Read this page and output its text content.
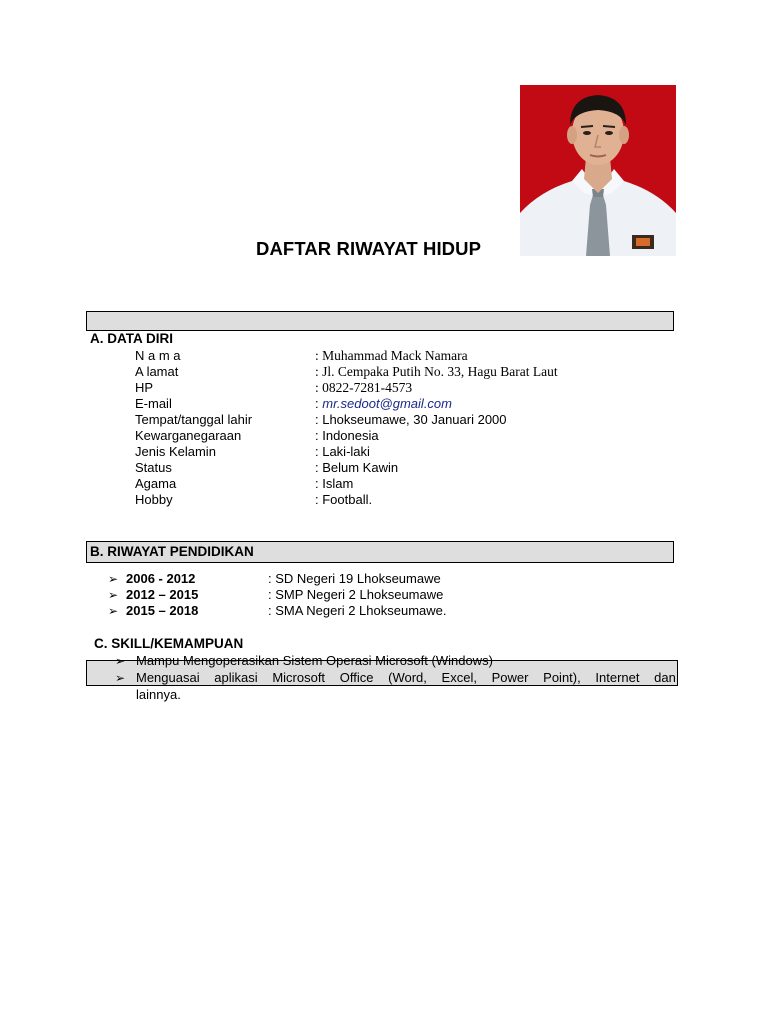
DAFTAR RIWAYAT HIDUP
A. DATA DIRI
N a m a	: Muhammad Mack Namara
A lamat	: Jl. Cempaka Putih No. 33, Hagu Barat Laut
HP	: 0822-7281-4573
E-mail	: mr.sedoot@gmail.com
Tempat/tanggal lahir	: Lhokseumawe, 30 Januari 2000
Kewarganegaraan	: Indonesia
Jenis Kelamin	: Laki-laki
Status	: Belum Kawin
Agama	: Islam
Hobby	: Football.
B. RIWAYAT PENDIDIKAN
➢ 2006 - 2012	: SD Negeri 19 Lhokseumawe
➢ 2012 – 2015	: SMP Negeri 2 Lhokseumawe
➢ 2015 – 2018	: SMA Negeri 2 Lhokseumawe.
C. SKILL/KEMAMPUAN
➢ Mampu Mengoperasikan Sistem Operasi Microsoft (Windows)
➢ Menguasai aplikasi Microsoft Office (Word, Excel, Power Point), Internet dan
lainnya.
